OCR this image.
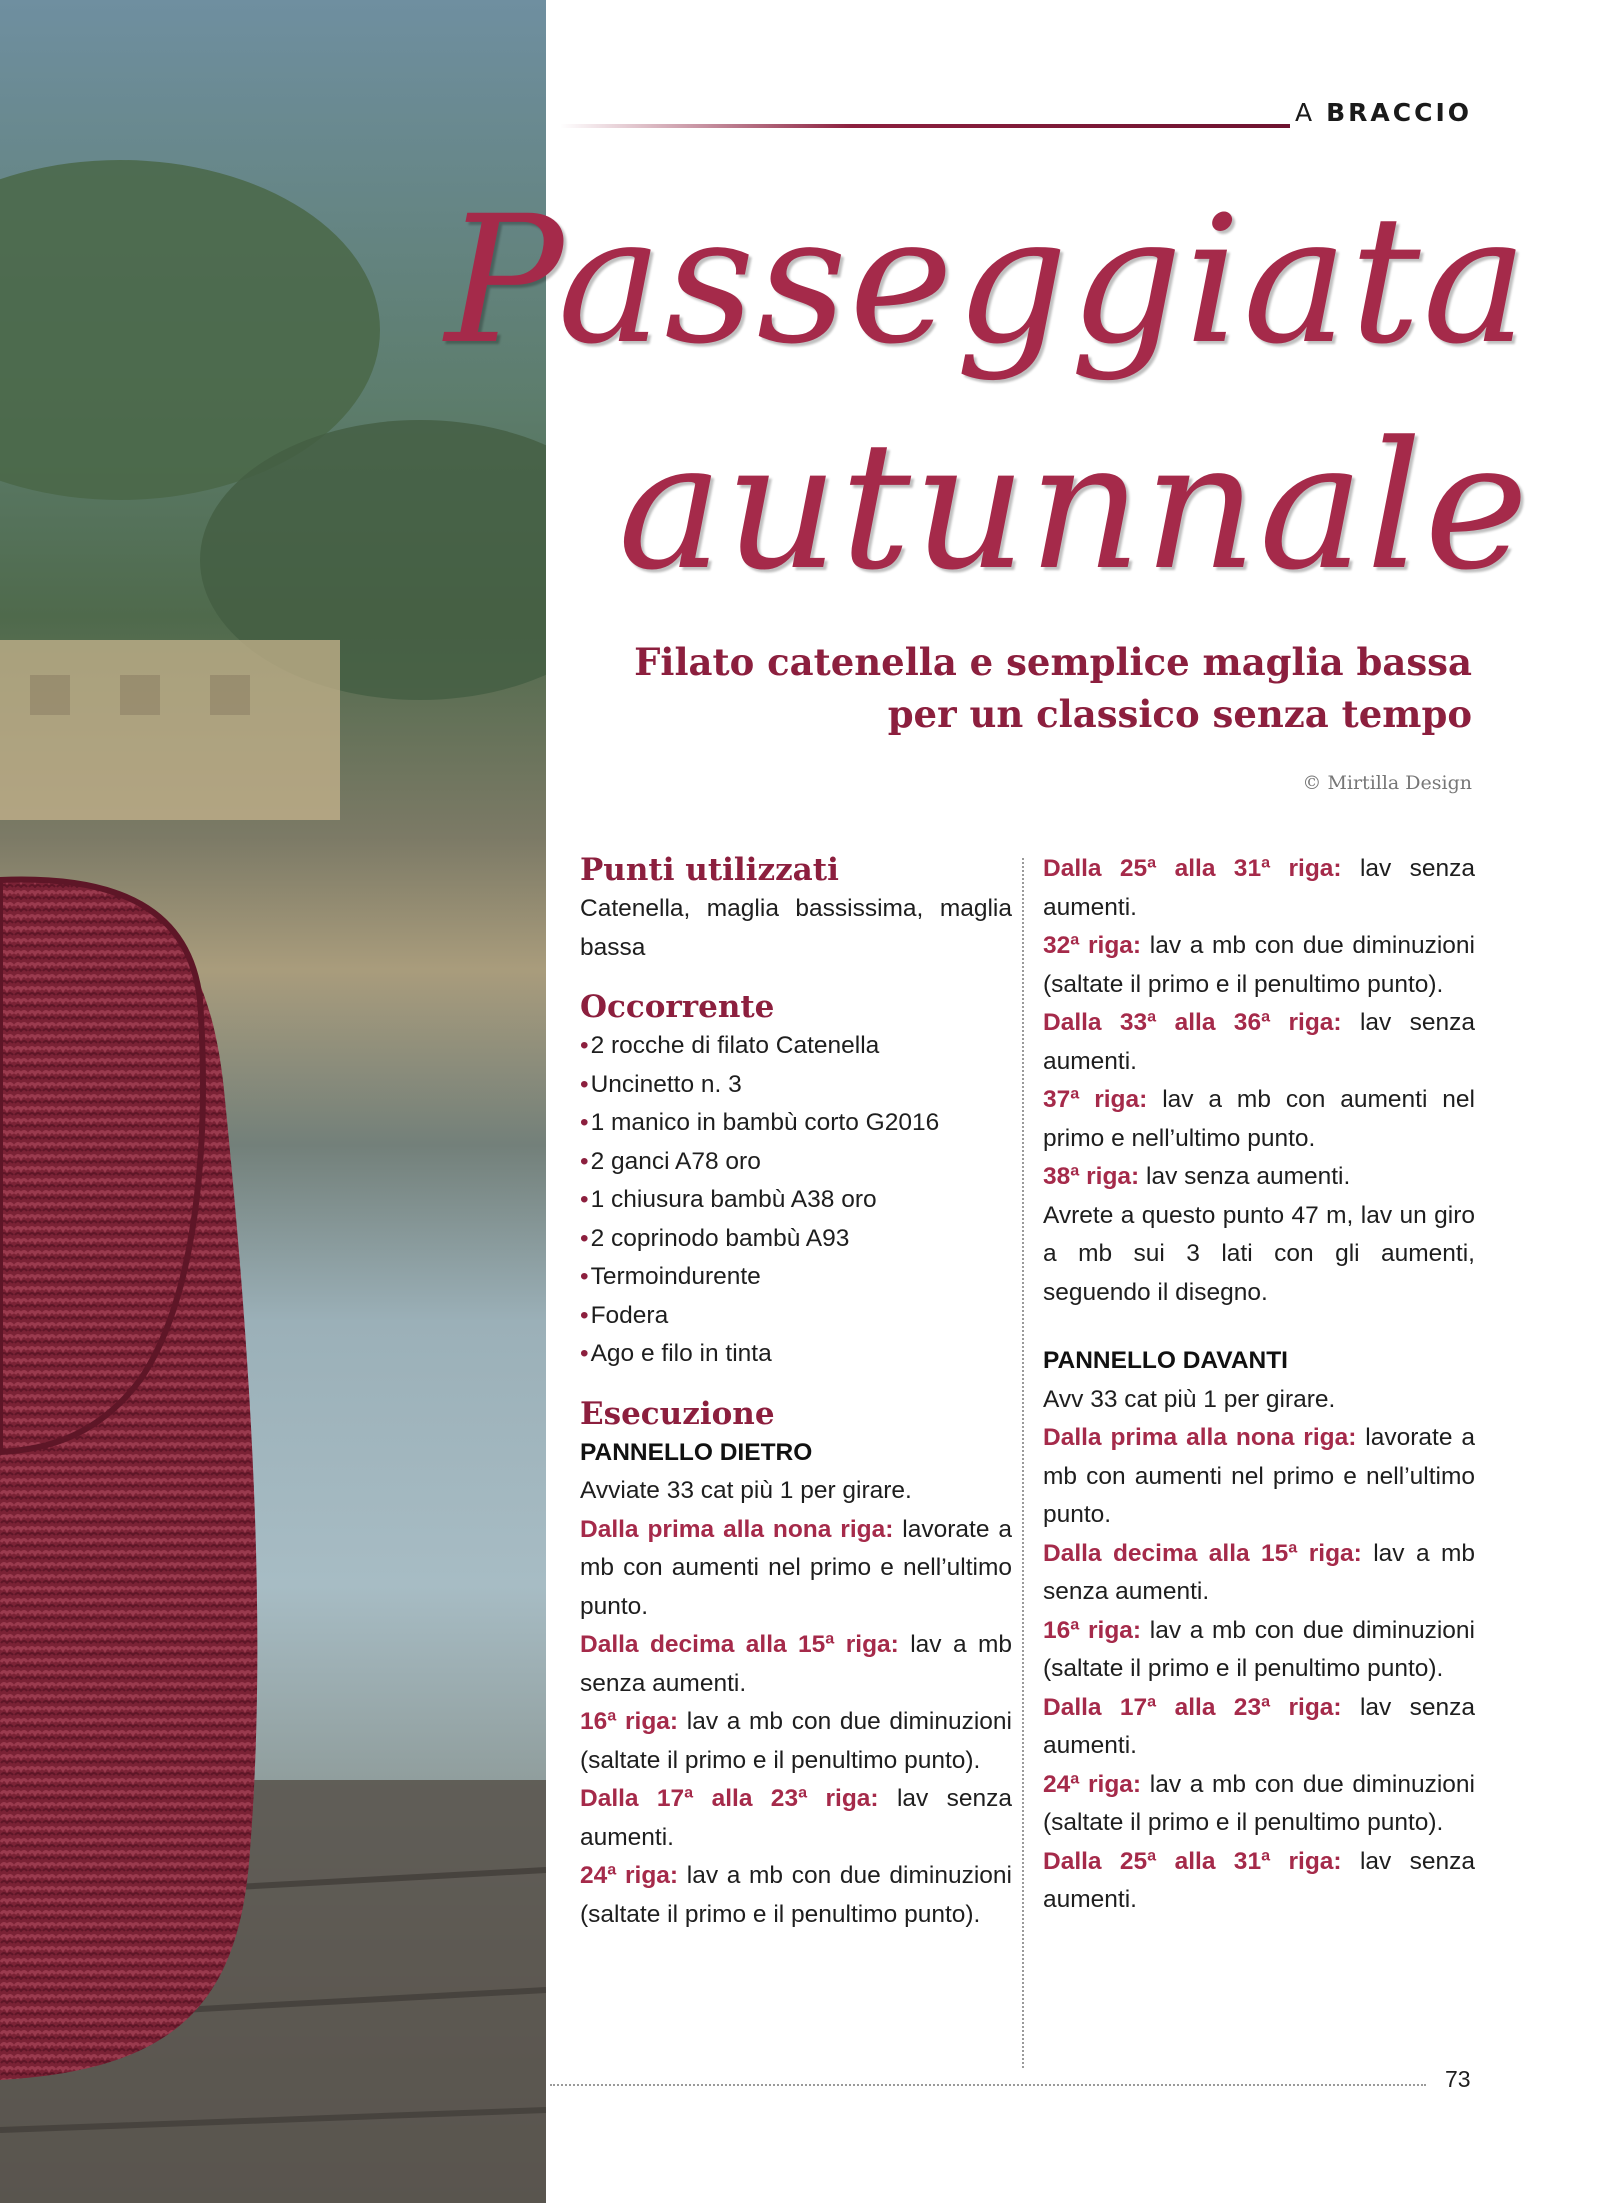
A BRACCIO
Passeggiata
autunnale
Filato catenella e semplice maglia bassa
per un classico senza tempo
© Mirtilla Design
Punti utilizzati

Catenella, maglia bassissima, maglia bassa

Occorrente
• 2 rocche di filato Catenella
• Uncinetto n. 3
• 1 manico in bambù corto G2016
• 2 ganci A78 oro
• 1 chiusura bambù A38 oro
• 2 coprinodo bambù A93
• Termoindurente
• Fodera
• Ago e filo in tinta
Esecuzione
PANNELLO DIETRO

Avviate 33 cat più 1 per girare.

Dalla prima alla nona riga: lavorate a mb con aumenti nel primo e nell’ultimo punto.

Dalla decima alla 15ª riga: lav a mb senza aumenti.

16ª riga: lav a mb con due diminuzioni (saltate il primo e il penultimo punto).

Dalla 17ª alla 23ª riga: lav senza aumenti.

24ª riga: lav a mb con due diminuzioni (saltate il primo e il penultimo punto).

Dalla 25ª alla 31ª riga: lav senza aumenti.

32ª riga: lav a mb con due diminuzioni (saltate il primo e il penultimo punto).

Dalla 33ª alla 36ª riga: lav senza aumenti.

37ª riga: lav a mb con aumenti nel primo e nell’ultimo punto.

38ª riga: lav senza aumenti.

Avrete a questo punto 47 m, lav un giro a mb sui 3 lati con gli aumenti, seguendo il disegno.

PANNELLO DAVANTI

Avv 33 cat più 1 per girare.

Dalla prima alla nona riga: lavorate a mb con aumenti nel primo e nell’ultimo punto.

Dalla decima alla 15ª riga: lav a mb senza aumenti.

16ª riga: lav a mb con due diminuzioni (saltate il primo e il penultimo punto).

Dalla 17ª alla 23ª riga: lav senza aumenti.

24ª riga: lav a mb con due diminuzioni (saltate il primo e il penultimo punto).

Dalla 25ª alla 31ª riga: lav senza aumenti.

73
